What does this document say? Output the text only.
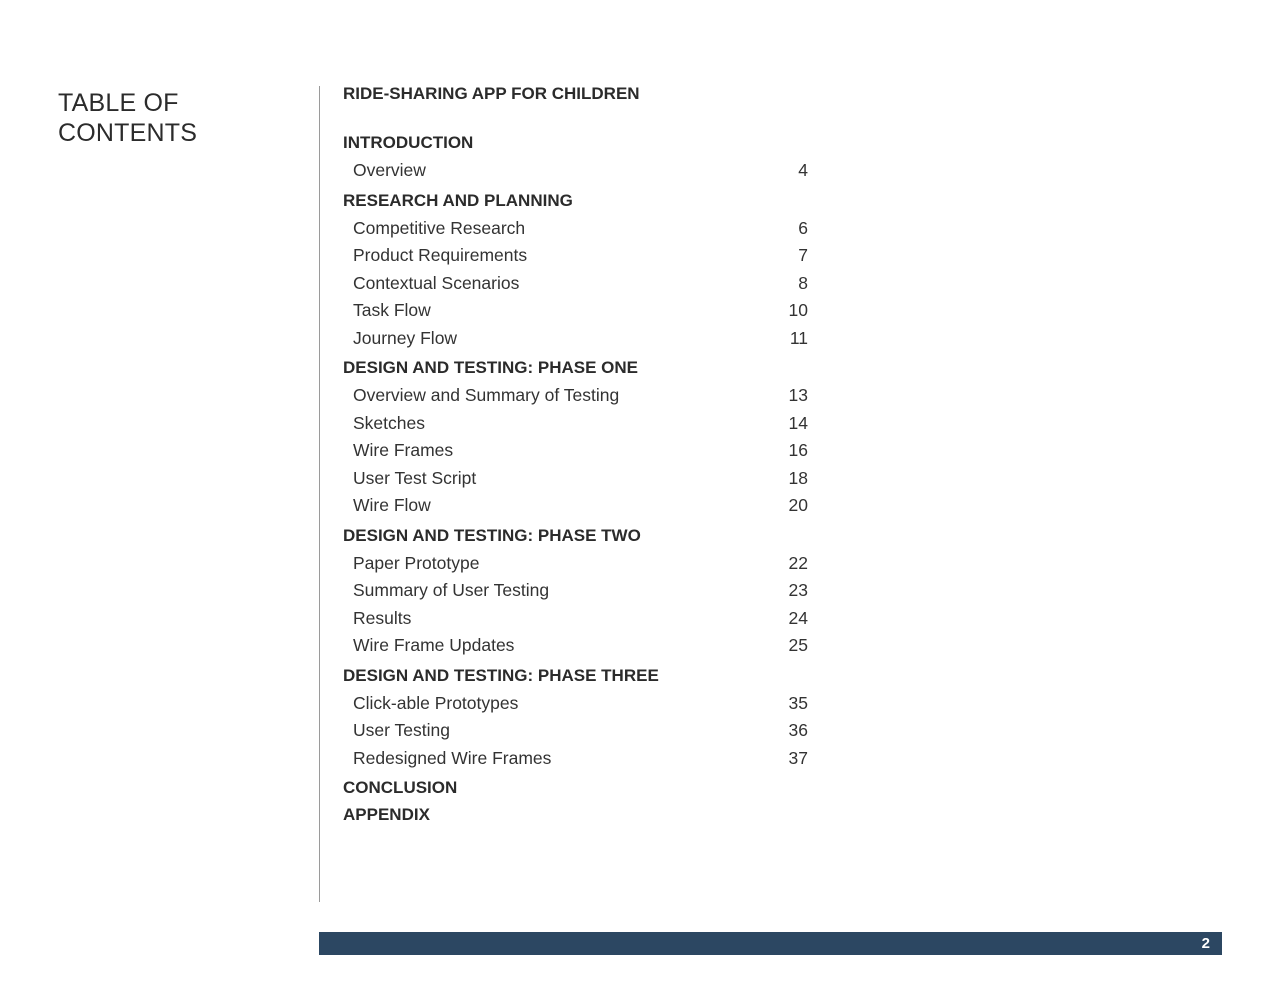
TABLE OF
CONTENTS
RIDE-SHARING APP FOR CHILDREN
INTRODUCTION
Overview	4
RESEARCH AND PLANNING
Competitive Research	6
Product Requirements	7
Contextual Scenarios	8
Task Flow	10
Journey Flow	11
DESIGN AND TESTING: PHASE ONE
Overview and Summary of Testing	13
Sketches	14
Wire Frames	16
User Test Script	18
Wire Flow	20
DESIGN AND TESTING: PHASE TWO
Paper Prototype	22
Summary of User Testing	23
Results	24
Wire Frame Updates	25
DESIGN AND TESTING: PHASE THREE
Click-able Prototypes	35
User Testing	36
Redesigned Wire Frames	37
CONCLUSION
APPENDIX
2
